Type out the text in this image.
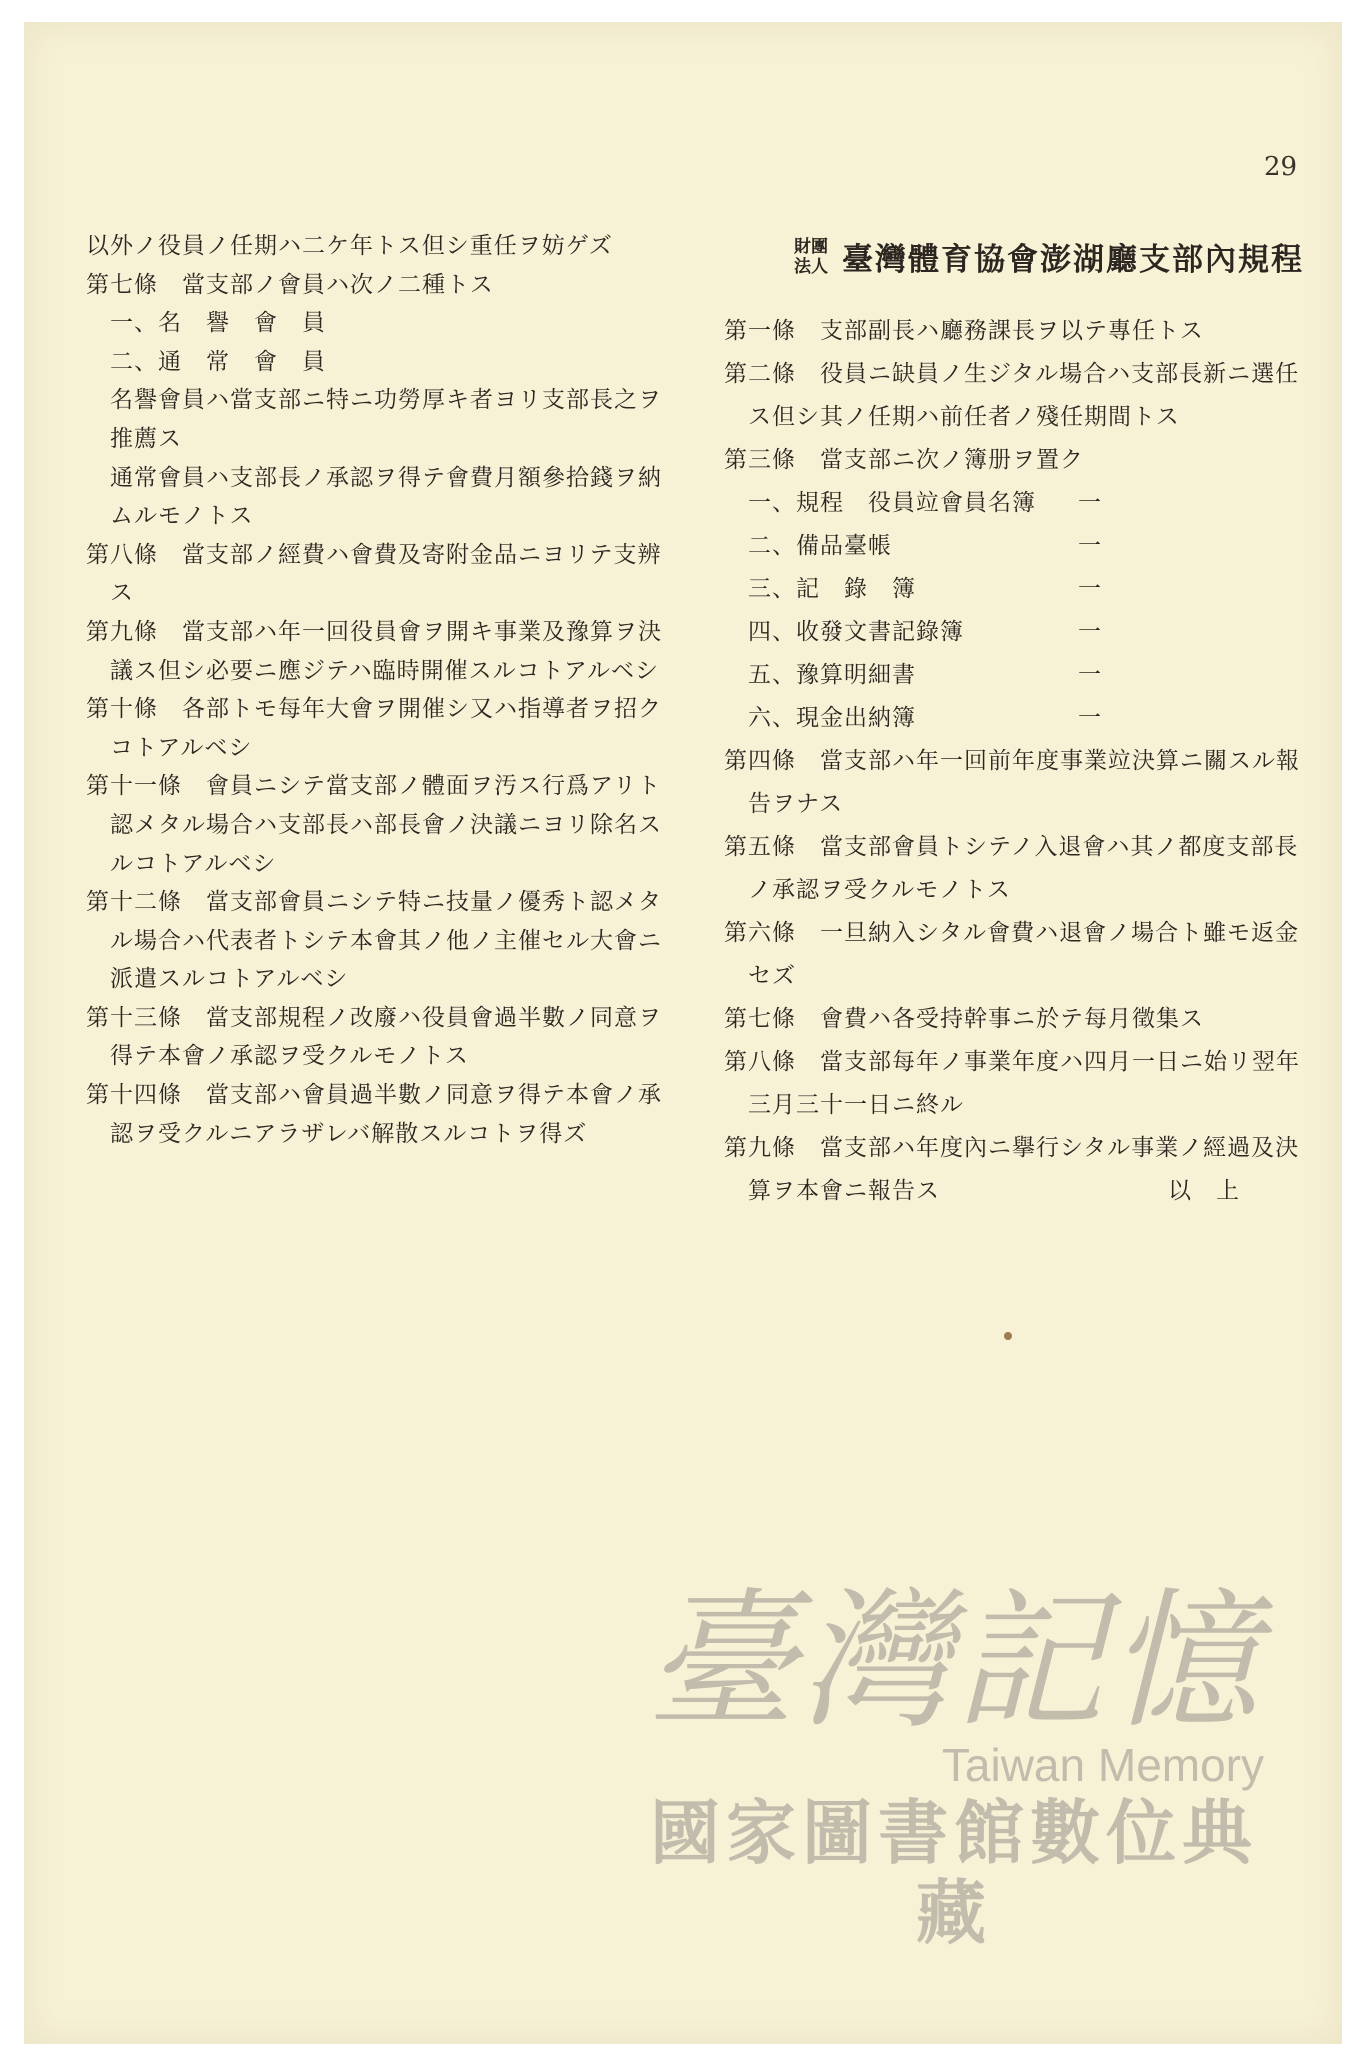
29
以外ノ役員ノ任期ハ二ケ年トス但シ重任ヲ妨ゲズ
第七條　當支部ノ會員ハ次ノ二種トス
一、名　譽　會　員
二、通　常　會　員
名譽會員ハ當支部ニ特ニ功勞厚キ者ヨリ支部長之ヲ
推薦ス
通常會員ハ支部長ノ承認ヲ得テ會費月額參拾錢ヲ納
ムルモノトス
第八條　當支部ノ經費ハ會費及寄附金品ニヨリテ支辨
ス
第九條　當支部ハ年一回役員會ヲ開キ事業及豫算ヲ決
議ス但シ必要ニ應ジテハ臨時開催スルコトアルベシ
第十條　各部トモ每年大會ヲ開催シ又ハ指導者ヲ招ク
コトアルベシ
第十一條　會員ニシテ當支部ノ體面ヲ汚ス行爲アリト
認メタル場合ハ支部長ハ部長會ノ決議ニヨリ除名ス
ルコトアルベシ
第十二條　當支部會員ニシテ特ニ技量ノ優秀ト認メタ
ル場合ハ代表者トシテ本會其ノ他ノ主催セル大會ニ
派遣スルコトアルベシ
第十三條　當支部規程ノ改廢ハ役員會過半數ノ同意ヲ
得テ本會ノ承認ヲ受クルモノトス
第十四條　當支部ハ會員過半數ノ同意ヲ得テ本會ノ承
認ヲ受クルニアラザレバ解散スルコトヲ得ズ
財團
法人 臺灣體育協會澎湖廳支部內規程
第一條　支部副長ハ廳務課長ヲ以テ專任トス
第二條　役員ニ缺員ノ生ジタル場合ハ支部長新ニ選任
ス但シ其ノ任期ハ前任者ノ殘任期間トス
第三條　當支部ニ次ノ簿册ヲ置ク
一、規程　役員竝會員名簿	一
二、備品臺帳	一
三、記　錄　簿	一
四、收發文書記錄簿	一
五、豫算明細書	一
六、現金出納簿	一
第四條　當支部ハ年一回前年度事業竝決算ニ關スル報
告ヲナス
第五條　當支部會員トシテノ入退會ハ其ノ都度支部長
ノ承認ヲ受クルモノトス
第六條　一旦納入シタル會費ハ退會ノ場合ト雖モ返金
セズ
第七條　會費ハ各受持幹事ニ於テ每月徵集ス
第八條　當支部每年ノ事業年度ハ四月一日ニ始リ翌年
三月三十一日ニ終ル
第九條　當支部ハ年度內ニ擧行シタル事業ノ經過及決
算ヲ本會ニ報告ス	以　上
臺灣記憶
Taiwan Memory
國家圖書館數位典藏
